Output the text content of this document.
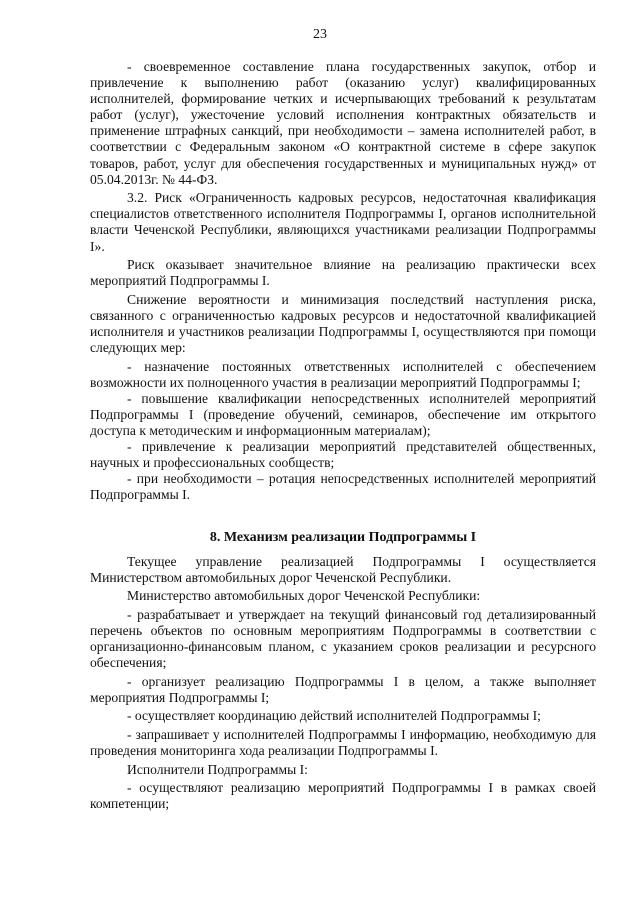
23

- своевременное составление плана государственных закупок, отбор и привлечение к выполнению работ (оказанию услуг) квалифицированных исполнителей, формирование четких и исчерпывающих требований к результатам работ (услуг), ужесточение условий исполнения контрактных обязательств и применение штрафных санкций, при необходимости – замена исполнителей работ, в соответствии с Федеральным законом «О контрактной системе в сфере закупок товаров, работ, услуг для обеспечения государственных и муниципальных нужд» от 05.04.2013г. № 44-ФЗ.

3.2. Риск «Ограниченность кадровых ресурсов, недостаточная квалификация специалистов ответственного исполнителя Подпрограммы I, органов исполнительной власти Чеченской Республики, являющихся участниками реализации Подпрограммы I».

Риск оказывает значительное влияние на реализацию практически всех мероприятий Подпрограммы I.

Снижение вероятности и минимизация последствий наступления риска, связанного с ограниченностью кадровых ресурсов и недостаточной квалификацией исполнителя и участников реализации Подпрограммы I, осуществляются при помощи следующих мер:

- назначение постоянных ответственных исполнителей с обеспечением возможности их полноценного участия в реализации мероприятий Подпрограммы I;

- повышение квалификации непосредственных исполнителей мероприятий Подпрограммы I (проведение обучений, семинаров, обеспечение им открытого доступа к методическим и информационным материалам);

- привлечение к реализации мероприятий представителей общественных, научных и профессиональных сообществ;

- при необходимости – ротация непосредственных исполнителей мероприятий Подпрограммы I.

8. Механизм реализации Подпрограммы I

Текущее управление реализацией Подпрограммы I осуществляется Министерством автомобильных дорог Чеченской Республики.

Министерство автомобильных дорог Чеченской Республики:

- разрабатывает и утверждает на текущий финансовый год детализированный перечень объектов по основным мероприятиям Подпрограммы в соответствии с организационно-финансовым планом, с указанием сроков реализации и ресурсного обеспечения;

- организует реализацию Подпрограммы I в целом, а также выполняет мероприятия Подпрограммы I;

- осуществляет координацию действий исполнителей Подпрограммы I;

- запрашивает у исполнителей Подпрограммы I информацию, необходимую для проведения мониторинга хода реализации Подпрограммы I.

Исполнители Подпрограммы I:

- осуществляют реализацию мероприятий Подпрограммы I в рамках своей компетенции;
